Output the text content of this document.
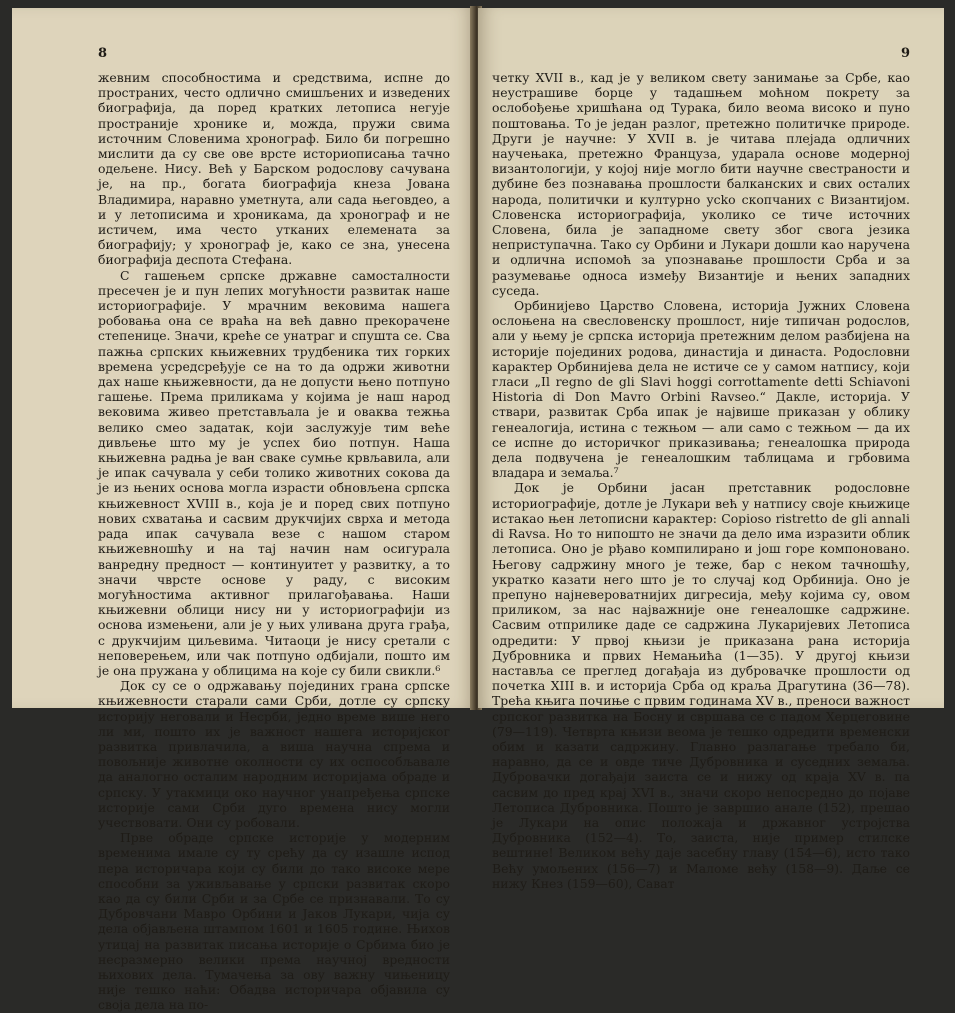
8

жевним способностима и средствима, испне до пространих, често одлично смишљених и изведених биографија, да поред кратких летописа негује пространије хронике и, можда, пружи свима источним Словенима хронограф. Било би погрешно мислити да су све ове врсте историописања тачно одељене. Нису. Већ у Барском родослову сачувана је, на пр., богата биографија кнеза Јована Владимира, наравно уметнута, али сада његовдео, а и у летописима и хроникама, да хронограф и не истичем, има често утканих елемената за биографију; у хронограф је, како се зна, унесена биографија деспота Стефана.

С гашењем српске државне самосталности пресечен је и пун лепих могућности развитак наше историографије. У мрачним вековима нашега робовања она се враћа на већ давно прекорачене степенице. Значи, креће се унатраг и спушта се. Сва пажња српских књижевних трудбеника тих горких времена усредсређује се на то да одржи животни дах наше књижевности, да не допусти њено потпуно гашење. Према приликама у којима је наш народ вековима живео претстављала је и оваква тежња велико смео задатак, који заслужује тим веће дивљење што му је успех био потпун. Наша књижевна радња је ван сваке сумње крвљавила, али је ипак сачувала у себи толико животних сокова да је из њених основа могла израсти обновљена српска књижевност XVIII в., која је и поред свих потпуно нових схватања и сасвим друкчијих сврха и метода рада ипак сачувала везе с нашом старом књижевношћу и на тај начин нам осигурала ванредну предност — континуитет у развитку, а то значи чврсте основе у раду, с високим могућностима активног прилагођавања. Наши књижевни облици нису ни у историографији из основа измењени, али је у њих уливана друга грађа, с друкчијим циљевима. Читаоци је нису сретали с неповерењем, или чак потпуно одбијали, пошто им је она пружана у облицима на које су били свикли.⁶

Док су се о одржавању појединих грана српске књижевности старали сами Срби, дотле су српску историју неговали и Несрби, једно време више него ли ми, пошто их је важност нашега историјског развитка привлачила, а виша научна спрема и повољније животне околности су их оспособљавале да аналогно осталим народним историјама обраде и српску. У утакмици око научног унапређења српске историје сами Срби дуго времена нису могли учествовати. Они су робовали.

Прве обраде српске историје у модерним временима имале су ту срећу да су изашле испод пера историчара који су били до тако високе мере способни за уживљавање у српски развитак скоро као да су били Срби и за Србе се признавали. То су Дубровчани Мавро Орбини и Јаков Лукари, чија су дела објављена штампом 1601 и 1605 године. Њихов утицај на развитак писања историје о Србима био је несразмерно велики према научној вредности њихових дела. Тумачења за ову важну чињеницу није тешко наћи: Обадва историчара објавила су своја дела на по-

9

четку XVII в., кад је у великом свету занимање за Србе, као неустрашиве борце у тадашњем моћном покрету за ослобођење хришћана од Турака, било веома високо и пуно поштовања. То је један разлог, претежно политичке природе. Други је научне: У XVII в. је читава плејада одличних научењака, претежно Француза, ударала основе модерној византологији, у којој није могло бити научне свестраности и дубине без познавања прошлости балканских и свих осталих народа, политички и културно усko скопчаних с Византијом. Словенска историографија, уколико се тиче источних Словена, била је западноме свету због свога језика неприступачна. Тако су Орбини и Лукари дошли као наручена и одлична испомоћ за упознавање прошлости Срба и за разумевање односа између Византије и њених западних суседа.

Орбинијево Царство Словена, историја Јужних Словена ослоњена на свесловенску прошлост, није типичан родослов, али у њему је српска историја претежним делом разбијена на историје појединих родова, династија и династа. Родословни карактер Орбинијева дела не истиче се у самом натпису, који гласи „Il regno de gli Slavi hoggi corrottamente detti Schiavoni Historia di Don Mavro Orbini Ravseo.“ Дакле, историја. У ствари, развитак Срба ипак је највише приказан у облику генеалогија, истина с тежњом — али само с тежњом — да их се испне до историчког приказивања; генеалошка природа дела подвучена је генеалошким таблицама и грбовима владара и земаља.⁷

Док је Орбини јасан претставник родословне историографије, дотле је Лукари већ у натпису своје књижице истакао њен летописни карактер: Copioso ristretto de gli annali di Ravsa. Но то нипошто не значи да дело има изразити облик летописа. Оно је рђаво компилирано и још горе компоновано. Његову садржину много је теже, бар с неком тачношћу, укратко казати него што је то случај код Орбинија. Оно је препуно најневероватнијих дигресија, међу којима су, овом приликом, за нас најважније оне генеалошке садржине. Сасвим отприлике даде се садржина Лукаријевих Летописа одредити: У првој књизи је приказана рана историја Дубровника и првих Немањића (1—35). У другој књизи наставља се преглед догађаја из дубровачке прошлости од почетка XIII в. и историја Срба од краља Драгутина (36—78). Трећа књига почиње с првим годинама XV в., преноси важност српског развитка на Босну и свршава се с падом Херцеговине (79—119). Четврта књизи веома је тешко одредити временски обим и казати садржину. Главно разлагање требало би, наравно, да се и овде тиче Дубровника и суседних земаља. Дубровачки догађаји заиста се и нижу од краја XV в. па сасвим до пред крај XVI в., значи скоро непосредно до појаве Летописа Дубровника. Пошто је завршио анале (152), прешао је Лукари на опис положаја и државног устројства Дубровника (152—4). То, заиста, није пример стилске вештине! Великом већу даје засебну главу (154—6), исто тако Већу умољених (156—7) и Маломе већу (158—9). Даље се нижу Кнез (159—60), Сават
